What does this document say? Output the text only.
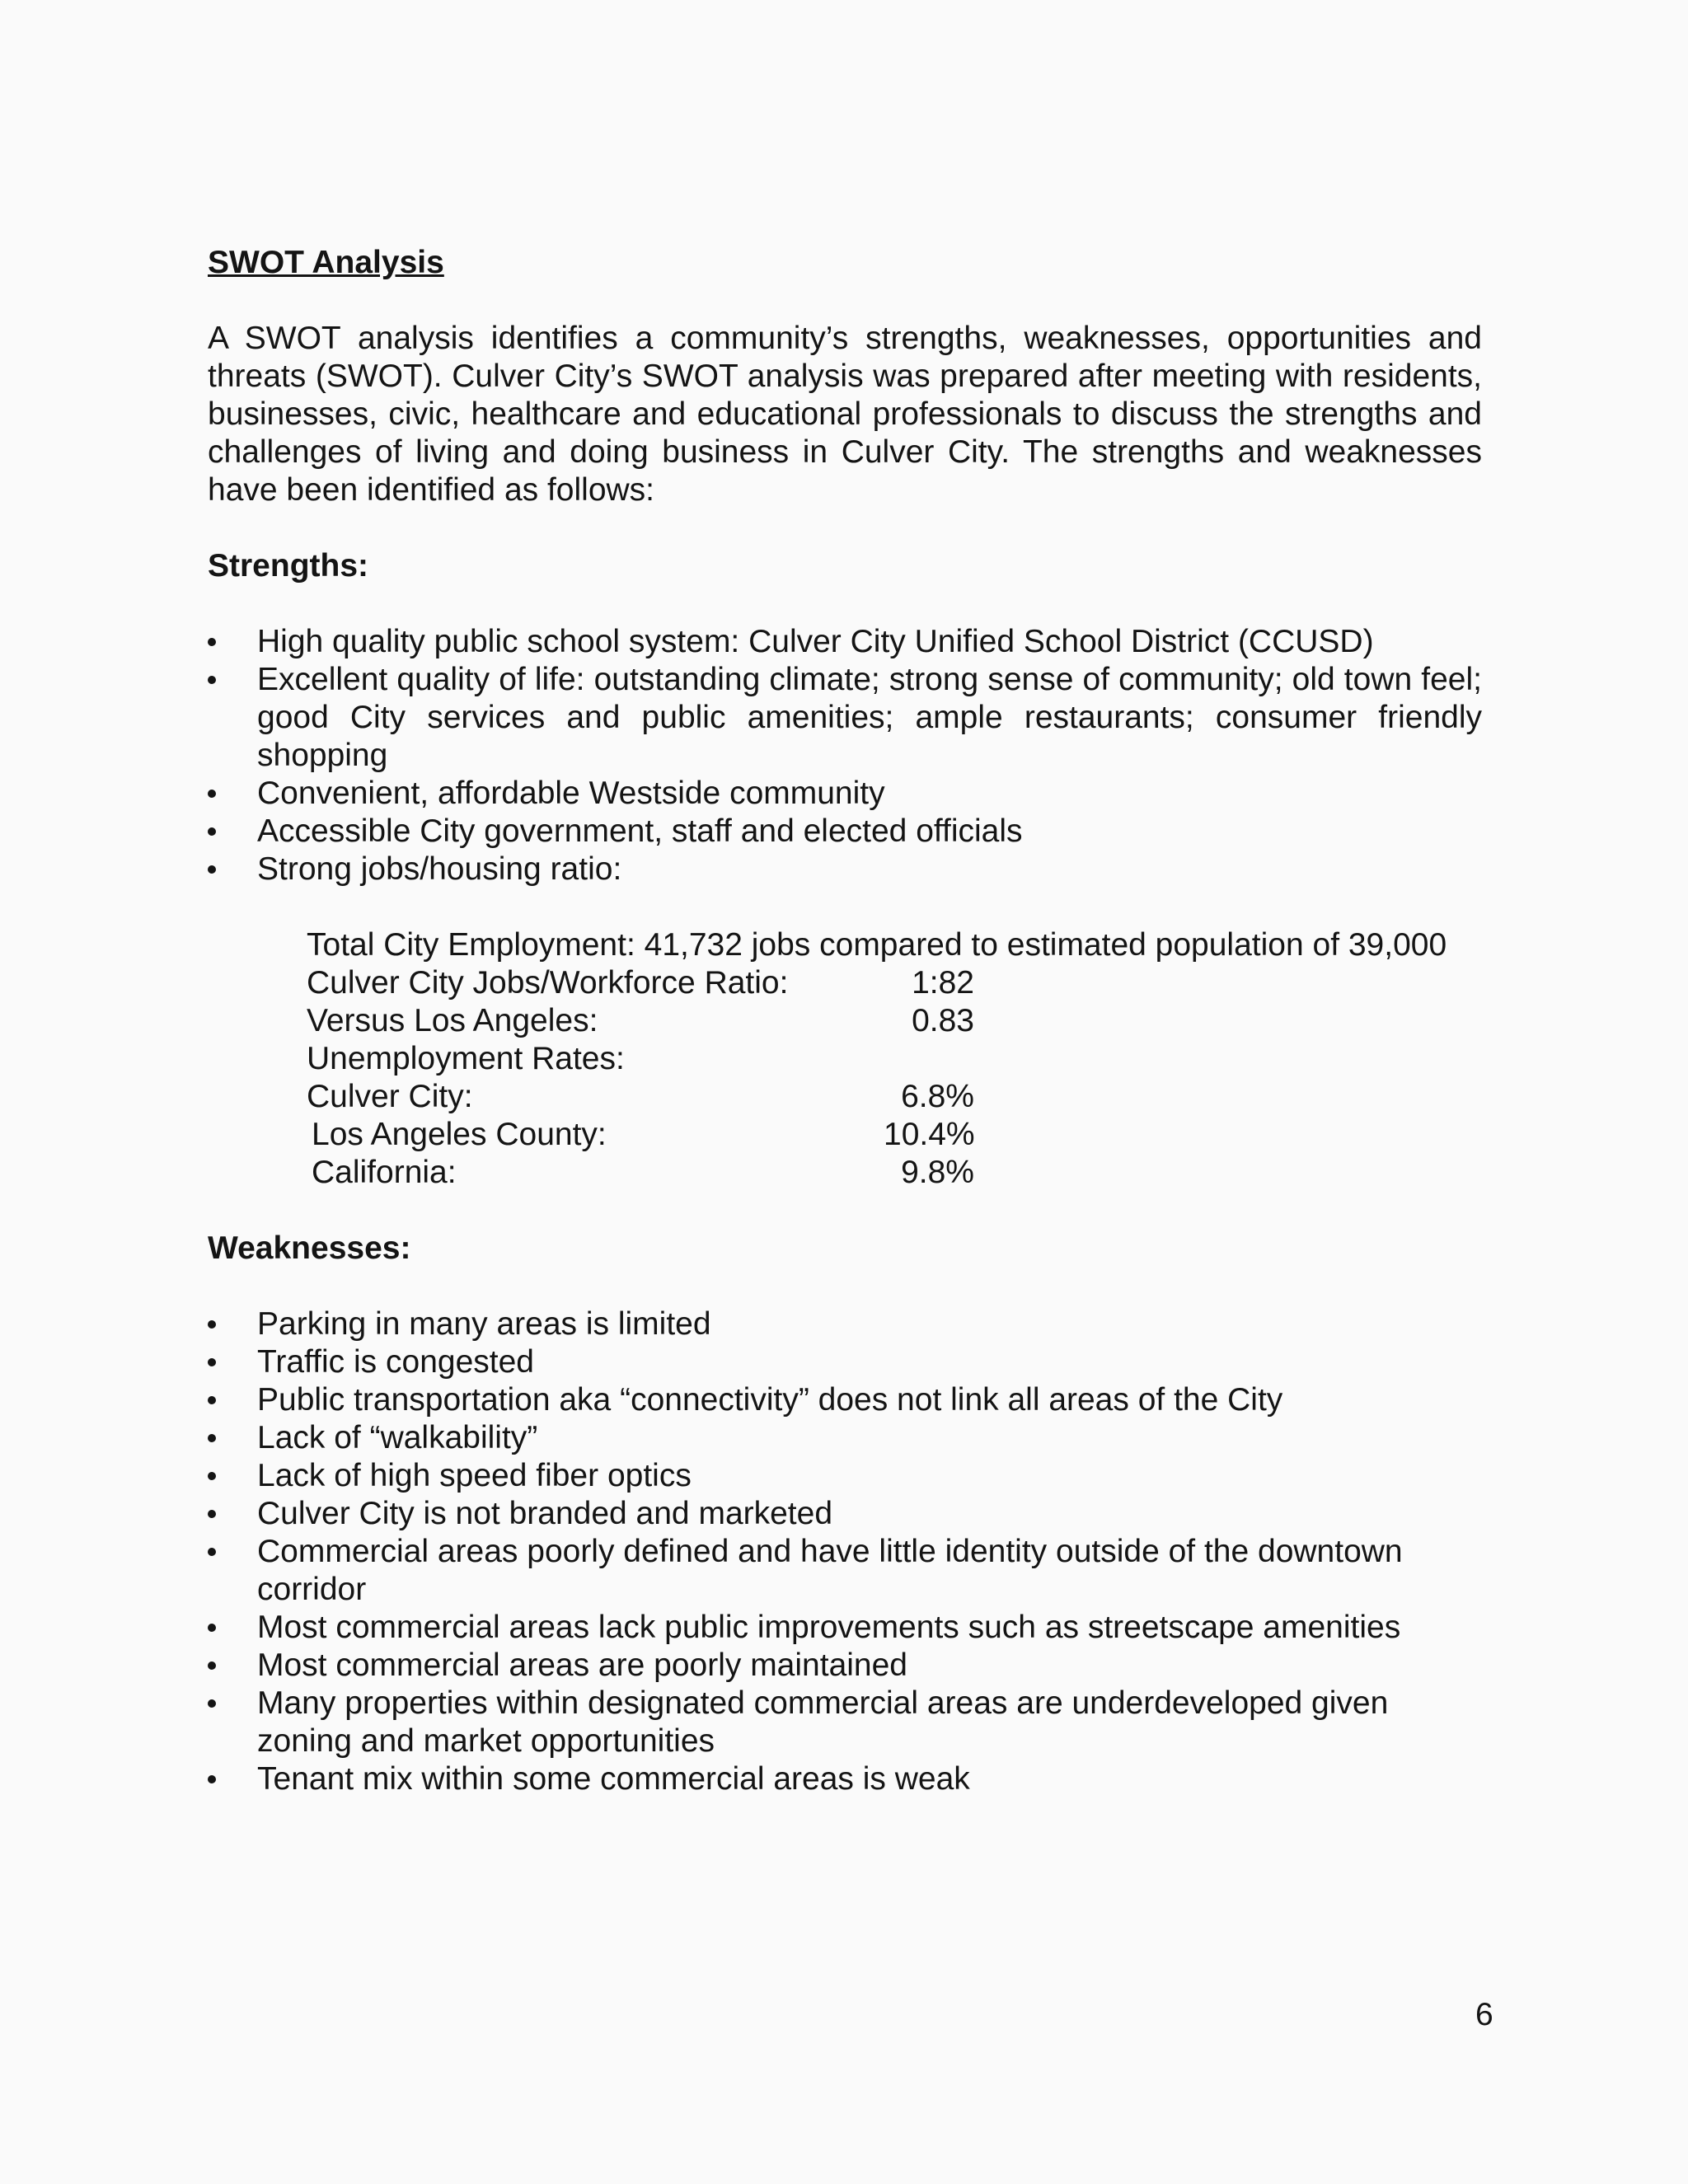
SWOT Analysis

A SWOT analysis identifies a community’s strengths, weaknesses, opportunities and threats (SWOT). Culver City’s SWOT analysis was prepared after meeting with residents, businesses, civic, healthcare and educational professionals to discuss the strengths and challenges of living and doing business in Culver City. The strengths and weaknesses have been identified as follows:

Strengths:
High quality public school system: Culver City Unified School District (CCUSD)
Excellent quality of life: outstanding climate; strong sense of community; old town feel; good City services and public amenities; ample restaurants; consumer friendly shopping
Convenient, affordable Westside community
Accessible City government, staff and elected officials
Strong jobs/housing ratio:
Total City Employment: 41,732 jobs compared to estimated population of 39,000
Culver City Jobs/Workforce Ratio:	1:82
Versus Los Angeles:	0.83
Unemployment Rates:
Culver City:	6.8%
Los Angeles County:	10.4%
California:	9.8%
Weaknesses:
Parking in many areas is limited
Traffic is congested
Public transportation aka “connectivity” does not link all areas of the City
Lack of “walkability”
Lack of high speed fiber optics
Culver City is not branded and marketed
Commercial areas poorly defined and have little identity outside of the downtown corridor
Most commercial areas lack public improvements such as streetscape amenities
Most commercial areas are poorly maintained
Many properties within designated commercial areas are underdeveloped given zoning and market opportunities
Tenant mix within some commercial areas is weak
6
